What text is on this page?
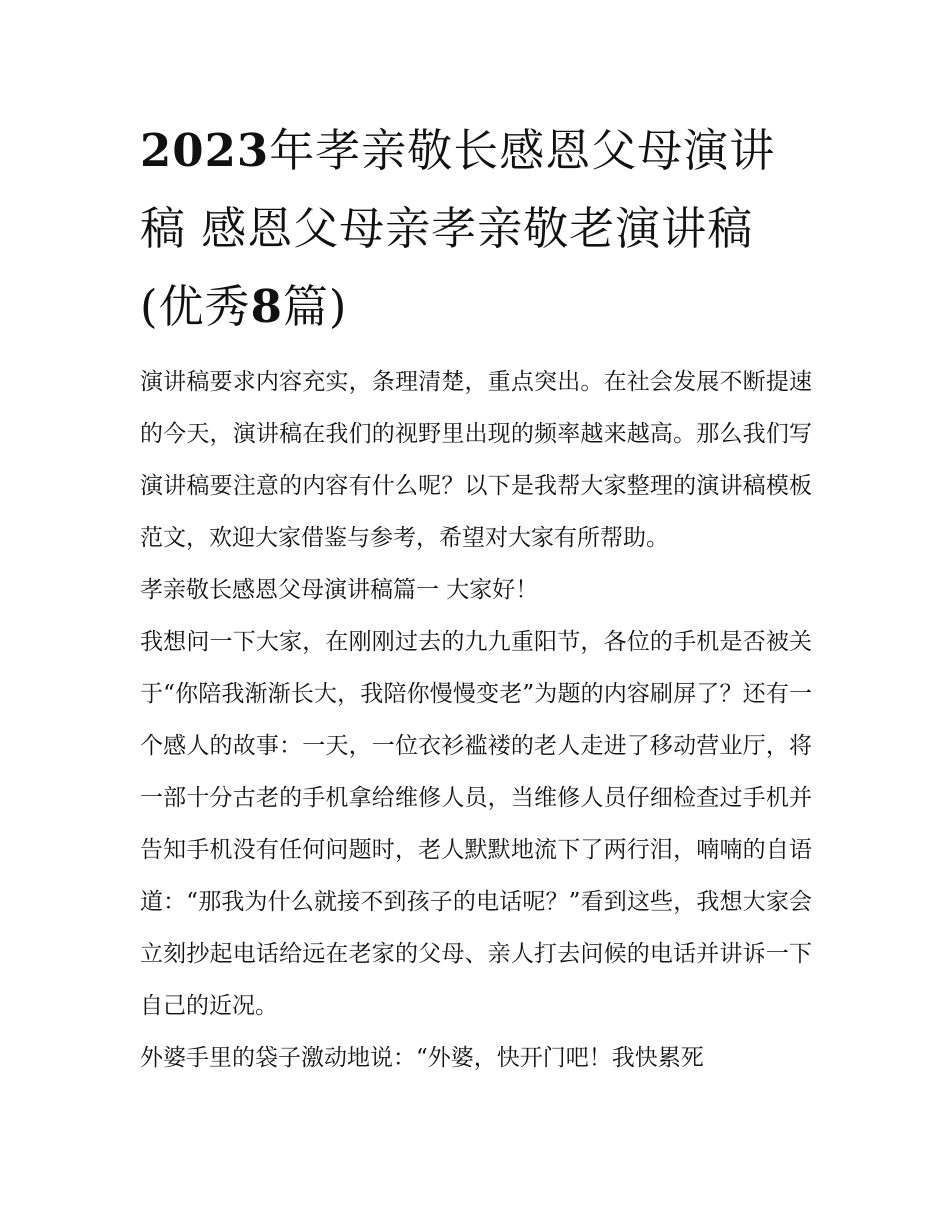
2023年孝亲敬长感恩父母演讲
稿 感恩父母亲孝亲敬老演讲稿
(优秀8篇)

演讲稿要求内容充实，条理清楚，重点突出。在社会发展不断提速的今天，演讲稿在我们的视野里出现的频率越来越高。那么我们写演讲稿要注意的内容有什么呢？以下是我帮大家整理的演讲稿模板范文，欢迎大家借鉴与参考，希望对大家有所帮助。

孝亲敬长感恩父母演讲稿篇一 大家好！

我想问一下大家，在刚刚过去的九九重阳节，各位的手机是否被关于“你陪我渐渐长大，我陪你慢慢变老”为题的内容刷屏了？还有一个感人的故事：一天，一位衣衫褴褛的老人走进了移动营业厅，将一部十分古老的手机拿给维修人员，当维修人员仔细检查过手机并告知手机没有任何问题时，老人默默地流下了两行泪，喃喃的自语道：“那我为什么就接不到孩子的电话呢？”看到这些，我想大家会立刻抄起电话给远在老家的父母、亲人打去问候的电话并讲诉一下自己的近况。

外婆手里的袋子激动地说：“外婆，快开门吧！我快累死
